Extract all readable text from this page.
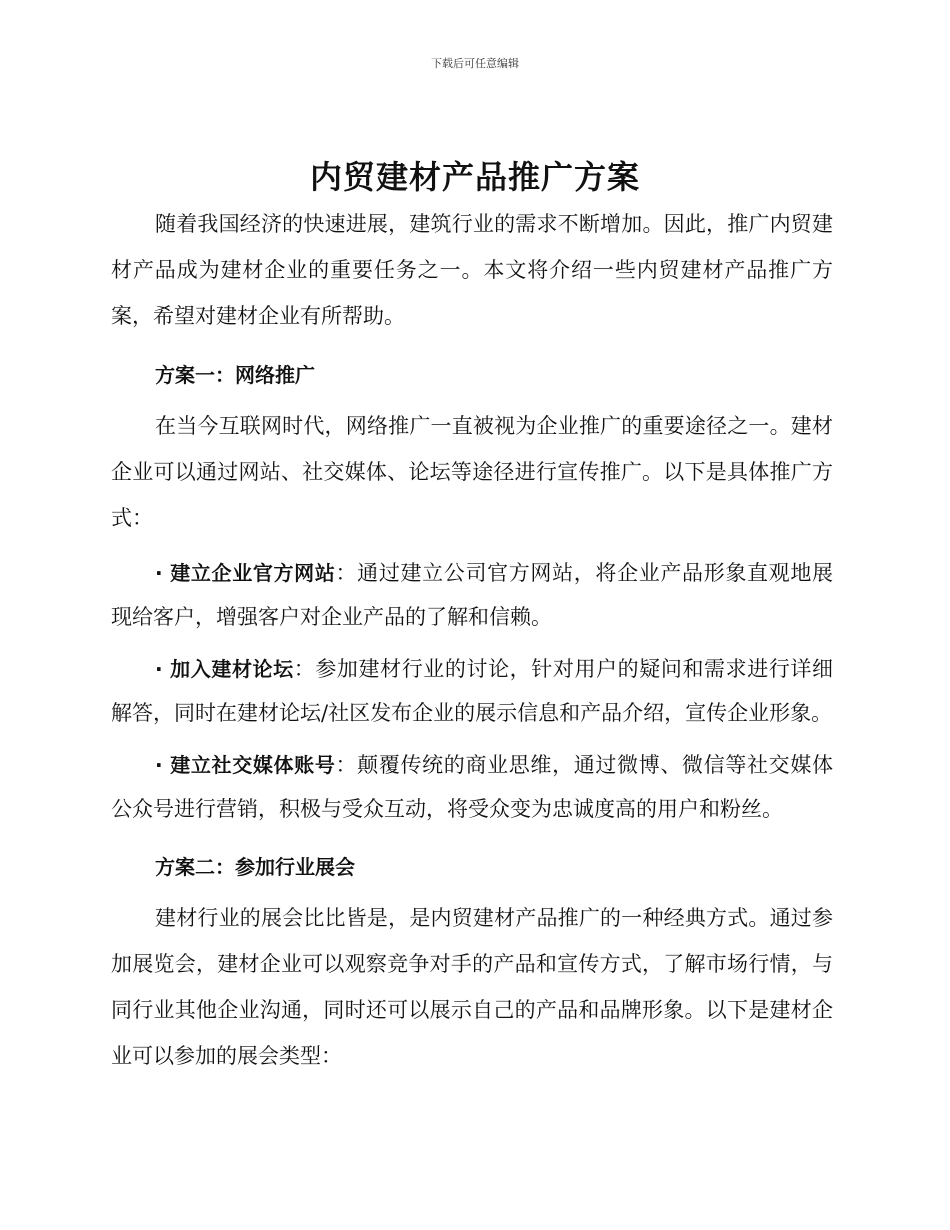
下载后可任意编辑
内贸建材产品推广方案

随着我国经济的快速进展，建筑行业的需求不断增加。因此，推广内贸建材产品成为建材企业的重要任务之一。本文将介绍一些内贸建材产品推广方案，希望对建材企业有所帮助。

方案一：网络推广

在当今互联网时代，网络推广一直被视为企业推广的重要途径之一。建材企业可以通过网站、社交媒体、论坛等途径进行宣传推广。以下是具体推广方式：

· 建立企业官方网站：通过建立公司官方网站，将企业产品形象直观地展现给客户，增强客户对企业产品的了解和信赖。

· 加入建材论坛：参加建材行业的讨论，针对用户的疑问和需求进行详细解答，同时在建材论坛/社区发布企业的展示信息和产品介绍，宣传企业形象。

· 建立社交媒体账号：颠覆传统的商业思维，通过微博、微信等社交媒体公众号进行营销，积极与受众互动，将受众变为忠诚度高的用户和粉丝。

方案二：参加行业展会

建材行业的展会比比皆是，是内贸建材产品推广的一种经典方式。通过参加展览会，建材企业可以观察竞争对手的产品和宣传方式，了解市场行情，与同行业其他企业沟通，同时还可以展示自己的产品和品牌形象。以下是建材企业可以参加的展会类型：
